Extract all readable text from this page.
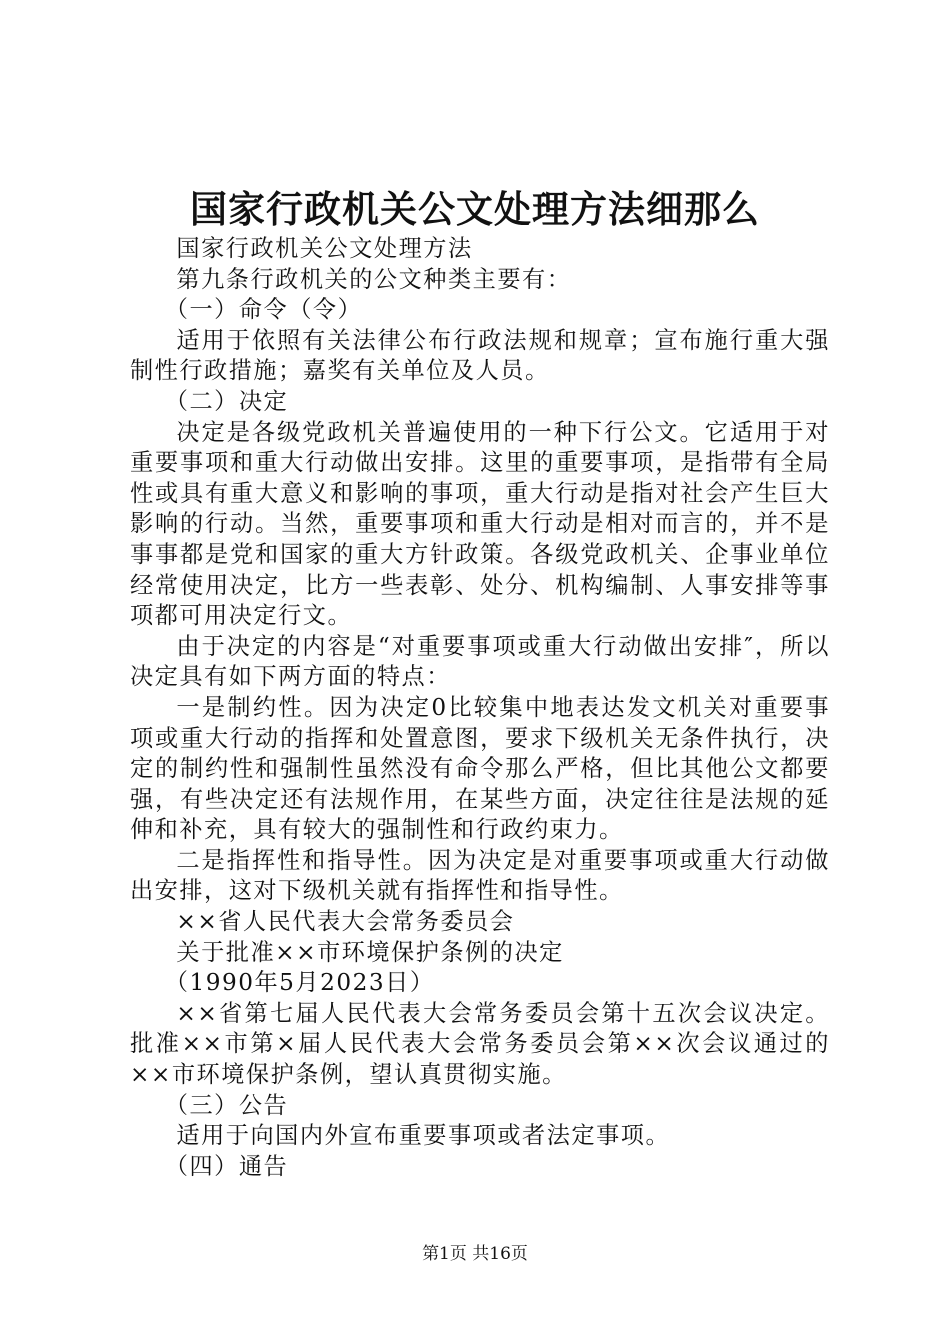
国家行政机关公文处理方法细那么

国家行政机关公文处理方法

第九条行政机关的公文种类主要有：

（一）命令（令）

适用于依照有关法律公布行政法规和规章；宣布施行重大强制性行政措施；嘉奖有关单位及人员。

（二）决定

决定是各级党政机关普遍使用的一种下行公文。它适用于对重要事项和重大行动做出安排。这里的重要事项，是指带有全局性或具有重大意义和影响的事项，重大行动是指对社会产生巨大影响的行动。当然，重要事项和重大行动是相对而言的，并不是事事都是党和国家的重大方针政策。各级党政机关、企事业单位经常使用决定，比方一些表彰、处分、机构编制、人事安排等事项都可用决定行文。

由于决定的内容是“对重要事项或重大行动做出安排″，所以决定具有如下两方面的特点：

一是制约性。因为决定0比较集中地表达发文机关对重要事项或重大行动的指挥和处置意图，要求下级机关无条件执行，决定的制约性和强制性虽然没有命令那么严格，但比其他公文都要强，有些决定还有法规作用，在某些方面，决定往往是法规的延伸和补充，具有较大的强制性和行政约束力。

二是指挥性和指导性。因为决定是对重要事项或重大行动做出安排，这对下级机关就有指挥性和指导性。

××省人民代表大会常务委员会

关于批准××市环境保护条例的决定

（1990年5月2023日）

××省第七届人民代表大会常务委员会第十五次会议决定。批准××市第×届人民代表大会常务委员会第××次会议通过的××市环境保护条例，望认真贯彻实施。

（三）公告

适用于向国内外宣布重要事项或者法定事项。

（四）通告

第1页 共16页
